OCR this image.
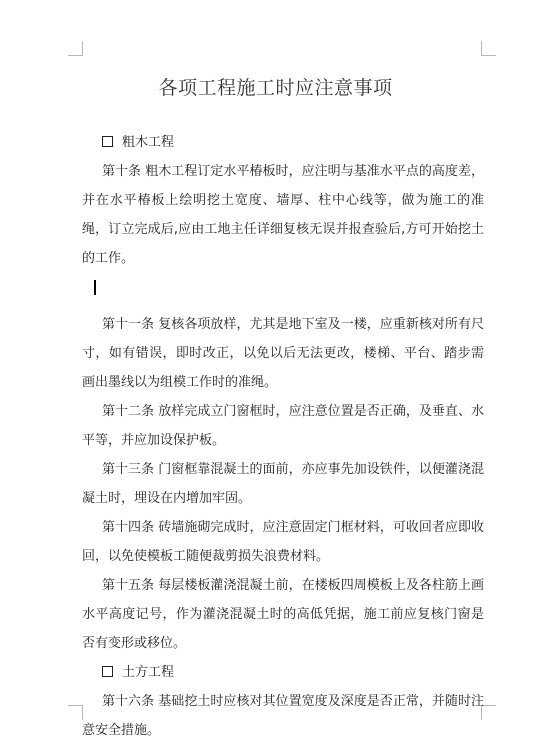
各项工程施工时应注意事项
粗木工程
第十条 粗木工程订定水平椿板时，应注明与基准水平点的高度差，并在水平椿板上绘明挖土宽度、墙厚、柱中心线等，做为施工的准绳，订立完成后,应由工地主任详细复核无误并报查验后,方可开始挖土的工作。
第十一条 复核各项放样，尤其是地下室及一楼，应重新核对所有尺寸，如有错误，即时改正，以免以后无法更改，楼梯、平台、踏步需画出墨线以为组模工作时的准绳。
第十二条 放样完成立门窗框时，应注意位置是否正确，及垂直、水平等，并应加设保护板。
第十三条 门窗框靠混凝土的面前，亦应事先加设铁件，以便灌浇混凝土时，埋设在内增加牢固。
第十四条 砖墙施砌完成时，应注意固定门框材料，可收回者应即收回，以免使模板工随便裁剪损失浪费材料。
第十五条 每层楼板灌浇混凝土前，在楼板四周模板上及各柱筋上画水平高度记号，作为灌浇混凝土时的高低凭据，施工前应复核门窗是否有变形或移位。
土方工程
第十六条 基础挖土时应核对其位置宽度及深度是否正常，并随时注意安全措施。
